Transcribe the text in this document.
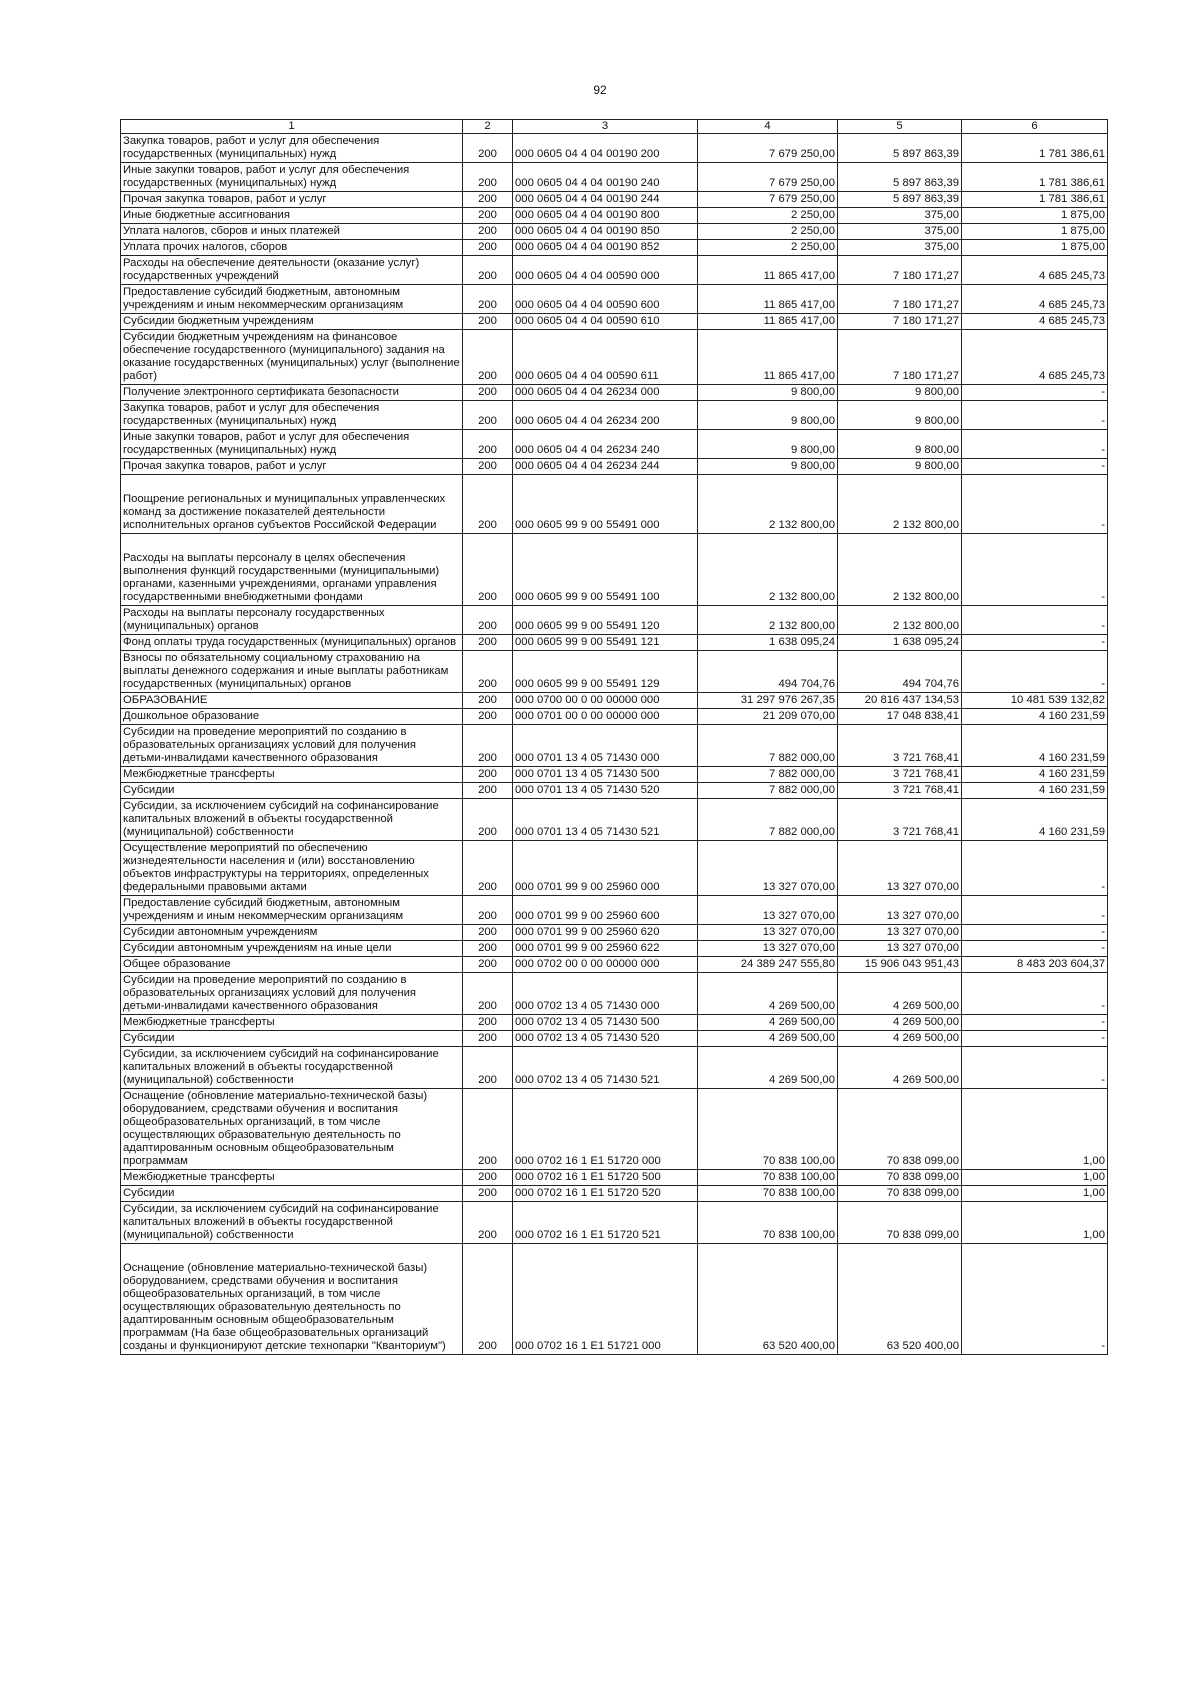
92
1	2	3	4	5	6
Закупка товаров, работ и услуг для обеспечения государственных (муниципальных) нужд	200	000 0605 04 4 04 00190 200	7 679 250,00	5 897 863,39	1 781 386,61
Иные закупки товаров, работ и услуг для обеспечения государственных (муниципальных) нужд	200	000 0605 04 4 04 00190 240	7 679 250,00	5 897 863,39	1 781 386,61
Прочая закупка товаров, работ и услуг	200	000 0605 04 4 04 00190 244	7 679 250,00	5 897 863,39	1 781 386,61
Иные бюджетные ассигнования	200	000 0605 04 4 04 00190 800	2 250,00	375,00	1 875,00
Уплата налогов, сборов и иных платежей	200	000 0605 04 4 04 00190 850	2 250,00	375,00	1 875,00
Уплата прочих налогов, сборов	200	000 0605 04 4 04 00190 852	2 250,00	375,00	1 875,00
Расходы на обеспечение деятельности (оказание услуг) государственных учреждений	200	000 0605 04 4 04 00590 000	11 865 417,00	7 180 171,27	4 685 245,73
Предоставление субсидий бюджетным, автономным учреждениям и иным некоммерческим организациям	200	000 0605 04 4 04 00590 600	11 865 417,00	7 180 171,27	4 685 245,73
Субсидии бюджетным учреждениям	200	000 0605 04 4 04 00590 610	11 865 417,00	7 180 171,27	4 685 245,73
Субсидии бюджетным учреждениям на финансовое обеспечение государственного (муниципального) задания на оказание государственных (муниципальных) услуг (выполнение работ)	200	000 0605 04 4 04 00590 611	11 865 417,00	7 180 171,27	4 685 245,73
Получение электронного сертификата безопасности	200	000 0605 04 4 04 26234 000	9 800,00	9 800,00	-
Закупка товаров, работ и услуг для обеспечения государственных (муниципальных) нужд	200	000 0605 04 4 04 26234 200	9 800,00	9 800,00	-
Иные закупки товаров, работ и услуг для обеспечения государственных (муниципальных) нужд	200	000 0605 04 4 04 26234 240	9 800,00	9 800,00	-
Прочая закупка товаров, работ и услуг	200	000 0605 04 4 04 26234 244	9 800,00	9 800,00	-
Поощрение региональных и муниципальных управленческих команд за достижение показателей деятельности исполнительных органов субъектов Российской Федерации	200	000 0605 99 9 00 55491 000	2 132 800,00	2 132 800,00	-
Расходы на выплаты персоналу в целях обеспечения выполнения функций государственными (муниципальными) органами, казенными учреждениями, органами управления государственными внебюджетными фондами	200	000 0605 99 9 00 55491 100	2 132 800,00	2 132 800,00	-
Расходы на выплаты персоналу государственных (муниципальных) органов	200	000 0605 99 9 00 55491 120	2 132 800,00	2 132 800,00	-
Фонд оплаты труда государственных (муниципальных) органов	200	000 0605 99 9 00 55491 121	1 638 095,24	1 638 095,24	-
Взносы по обязательному социальному страхованию на выплаты денежного содержания и иные выплаты работникам государственных (муниципальных) органов	200	000 0605 99 9 00 55491 129	494 704,76	494 704,76	-
ОБРАЗОВАНИЕ	200	000 0700 00 0 00 00000 000	31 297 976 267,35	20 816 437 134,53	10 481 539 132,82
Дошкольное образование	200	000 0701 00 0 00 00000 000	21 209 070,00	17 048 838,41	4 160 231,59
Субсидии на проведение мероприятий по созданию в образовательных организациях условий для получения детьми-инвалидами качественного образования	200	000 0701 13 4 05 71430 000	7 882 000,00	3 721 768,41	4 160 231,59
Межбюджетные трансферты	200	000 0701 13 4 05 71430 500	7 882 000,00	3 721 768,41	4 160 231,59
Субсидии	200	000 0701 13 4 05 71430 520	7 882 000,00	3 721 768,41	4 160 231,59
Субсидии, за исключением субсидий на софинансирование капитальных вложений в объекты государственной (муниципальной) собственности	200	000 0701 13 4 05 71430 521	7 882 000,00	3 721 768,41	4 160 231,59
Осуществление мероприятий по обеспечению жизнедеятельности населения и (или) восстановлению объектов инфраструктуры на территориях, определенных федеральными правовыми актами	200	000 0701 99 9 00 25960 000	13 327 070,00	13 327 070,00	-
Предоставление субсидий бюджетным, автономным учреждениям и иным некоммерческим организациям	200	000 0701 99 9 00 25960 600	13 327 070,00	13 327 070,00	-
Субсидии автономным учреждениям	200	000 0701 99 9 00 25960 620	13 327 070,00	13 327 070,00	-
Субсидии автономным учреждениям на иные цели	200	000 0701 99 9 00 25960 622	13 327 070,00	13 327 070,00	-
Общее образование	200	000 0702 00 0 00 00000 000	24 389 247 555,80	15 906 043 951,43	8 483 203 604,37
Субсидии на проведение мероприятий по созданию в образовательных организациях условий для получения детьми-инвалидами качественного образования	200	000 0702 13 4 05 71430 000	4 269 500,00	4 269 500,00	-
Межбюджетные трансферты	200	000 0702 13 4 05 71430 500	4 269 500,00	4 269 500,00	-
Субсидии	200	000 0702 13 4 05 71430 520	4 269 500,00	4 269 500,00	-
Субсидии, за исключением субсидий на софинансирование капитальных вложений в объекты государственной (муниципальной) собственности	200	000 0702 13 4 05 71430 521	4 269 500,00	4 269 500,00	-
Оснащение (обновление материально-технической базы) оборудованием, средствами обучения и воспитания общеобразовательных организаций, в том числе осуществляющих образовательную деятельность по адаптированным основным общеобразовательным программам	200	000 0702 16 1 E1 51720 000	70 838 100,00	70 838 099,00	1,00
Межбюджетные трансферты	200	000 0702 16 1 E1 51720 500	70 838 100,00	70 838 099,00	1,00
Субсидии	200	000 0702 16 1 E1 51720 520	70 838 100,00	70 838 099,00	1,00
Субсидии, за исключением субсидий на софинансирование капитальных вложений в объекты государственной (муниципальной) собственности	200	000 0702 16 1 E1 51720 521	70 838 100,00	70 838 099,00	1,00
Оснащение (обновление материально-технической базы) оборудованием, средствами обучения и воспитания общеобразовательных организаций, в том числе осуществляющих образовательную деятельность по адаптированным основным общеобразовательным программам (На базе общеобразовательных организаций созданы и функционируют детские технопарки "Кванториум")	200	000 0702 16 1 E1 51721 000	63 520 400,00	63 520 400,00	-
